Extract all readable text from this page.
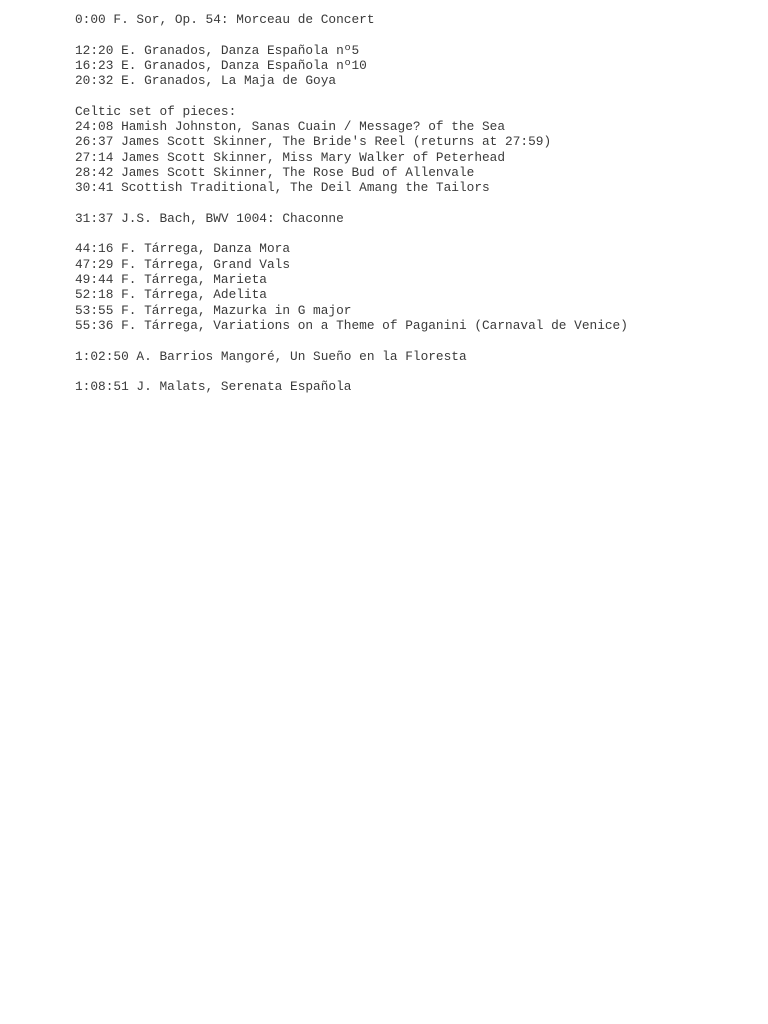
0:00 F. Sor, Op. 54: Morceau de Concert
12:20 E. Granados, Danza Española nº5
16:23 E. Granados, Danza Española nº10
20:32 E. Granados, La Maja de Goya
Celtic set of pieces:
24:08 Hamish Johnston, Sanas Cuain / Message? of the Sea
26:37 James Scott Skinner, The Bride's Reel (returns at 27:59)
27:14 James Scott Skinner, Miss Mary Walker of Peterhead
28:42 James Scott Skinner, The Rose Bud of Allenvale
30:41 Scottish Traditional, The Deil Amang the Tailors
31:37 J.S. Bach, BWV 1004: Chaconne
44:16 F. Tárrega, Danza Mora
47:29 F. Tárrega, Grand Vals
49:44 F. Tárrega, Marieta
52:18 F. Tárrega, Adelita
53:55 F. Tárrega, Mazurka in G major
55:36 F. Tárrega, Variations on a Theme of Paganini (Carnaval de Venice)
1:02:50 A. Barrios Mangoré, Un Sueño en la Floresta
1:08:51 J. Malats, Serenata Española
